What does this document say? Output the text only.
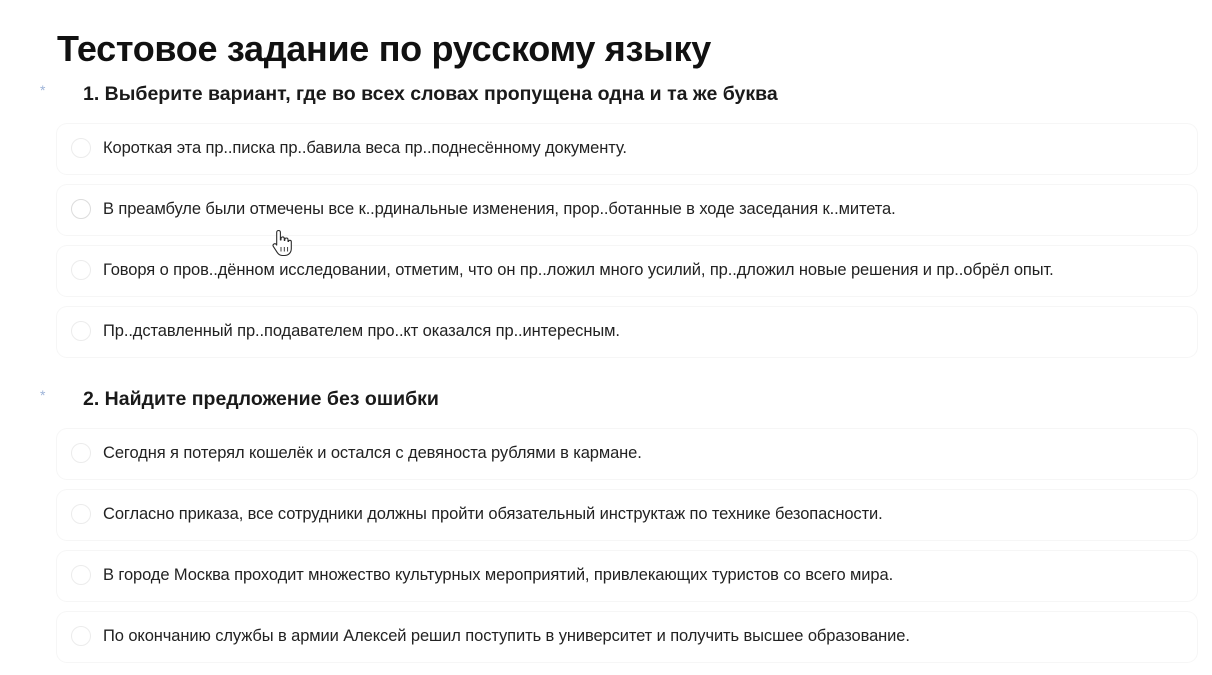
Тестовое задание по русскому языку
* 1. Выберите вариант, где во всех словах пропущена одна и та же буква
Короткая эта пр..писка пр..бавила веса пр..поднесённому документу.
В преамбуле были отмечены все к..рдинальные изменения, прор..ботанные в ходе заседания к..митета.
Говоря о пров..дённом исследовании, отметим, что он пр..ложил много усилий, пр..дложил новые решения и пр..обрёл опыт.
Пр..дставленный пр..подавателем про..кт оказался пр..интересным.
* 2. Найдите предложение без ошибки
Сегодня я потерял кошелёк и остался с девяноста рублями в кармане.
Согласно приказа, все сотрудники должны пройти обязательный инструктаж по технике безопасности.
В городе Москва проходит множество культурных мероприятий, привлекающих туристов со всего мира.
По окончанию службы в армии Алексей решил поступить в университет и получить высшее образование.
